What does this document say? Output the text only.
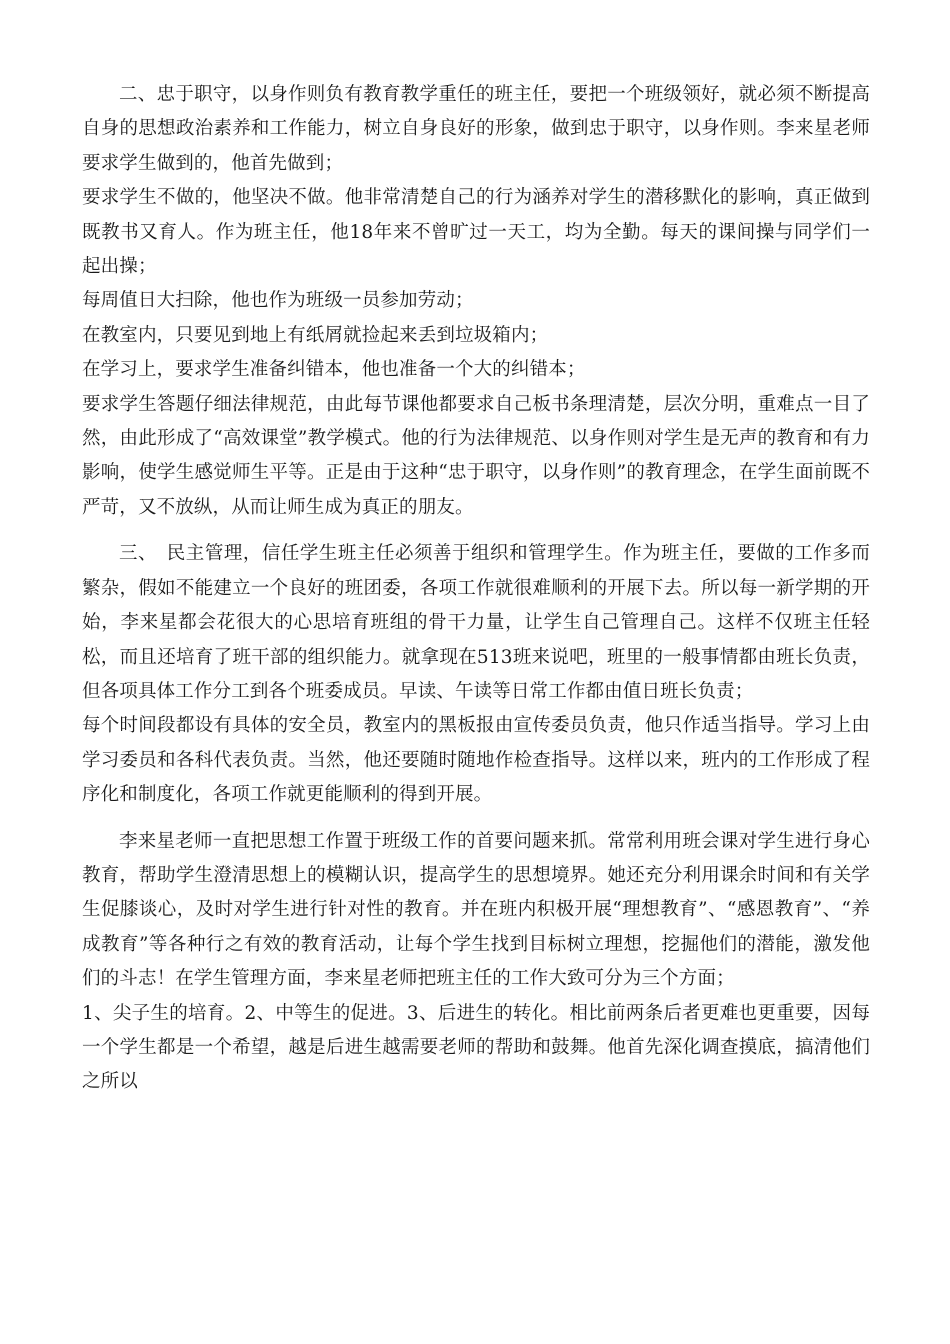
二、忠于职守，以身作则负有教育教学重任的班主任，要把一个班级领好，就必须不断提高自身的思想政治素养和工作能力，树立自身良好的形象，做到忠于职守，以身作则。李来星老师要求学生做到的，他首先做到；

要求学生不做的，他坚决不做。他非常清楚自己的行为涵养对学生的潜移默化的影响，真正做到既教书又育人。作为班主任，他18年来不曾旷过一天工，均为全勤。每天的课间操与同学们一起出操；

每周值日大扫除，他也作为班级一员参加劳动；

在教室内，只要见到地上有纸屑就捡起来丢到垃圾箱内；

在学习上，要求学生准备纠错本，他也准备一个大的纠错本；

要求学生答题仔细法律规范，由此每节课他都要求自己板书条理清楚，层次分明，重难点一目了然，由此形成了“高效课堂”教学模式。他的行为法律规范、以身作则对学生是无声的教育和有力影响，使学生感觉师生平等。正是由于这种“忠于职守，以身作则”的教育理念，在学生面前既不严苛，又不放纵，从而让师生成为真正的朋友。

三、　民主管理，信任学生班主任必须善于组织和管理学生。作为班主任，要做的工作多而繁杂，假如不能建立一个良好的班团委，各项工作就很难顺利的开展下去。所以每一新学期的开始，李来星都会花很大的心思培育班组的骨干力量，让学生自己管理自己。这样不仅班主任轻松，而且还培育了班干部的组织能力。就拿现在513班来说吧，班里的一般事情都由班长负责，但各项具体工作分工到各个班委成员。早读、午读等日常工作都由值日班长负责；

每个时间段都设有具体的安全员，教室内的黑板报由宣传委员负责，他只作适当指导。学习上由学习委员和各科代表负责。当然，他还要随时随地作检查指导。这样以来，班内的工作形成了程序化和制度化，各项工作就更能顺利的得到开展。

李来星老师一直把思想工作置于班级工作的首要问题来抓。常常利用班会课对学生进行身心教育，帮助学生澄清思想上的模糊认识，提高学生的思想境界。她还充分利用课余时间和有关学生促膝谈心，及时对学生进行针对性的教育。并在班内积极开展“理想教育”、“感恩教育”、“养成教育”等各种行之有效的教育活动，让每个学生找到目标树立理想，挖掘他们的潜能，激发他们的斗志！在学生管理方面，李来星老师把班主任的工作大致可分为三个方面；

1、尖子生的培育。2、中等生的促进。3、后进生的转化。相比前两条后者更难也更重要，因每一个学生都是一个希望，越是后进生越需要老师的帮助和鼓舞。他首先深化调查摸底，搞清他们之所以
